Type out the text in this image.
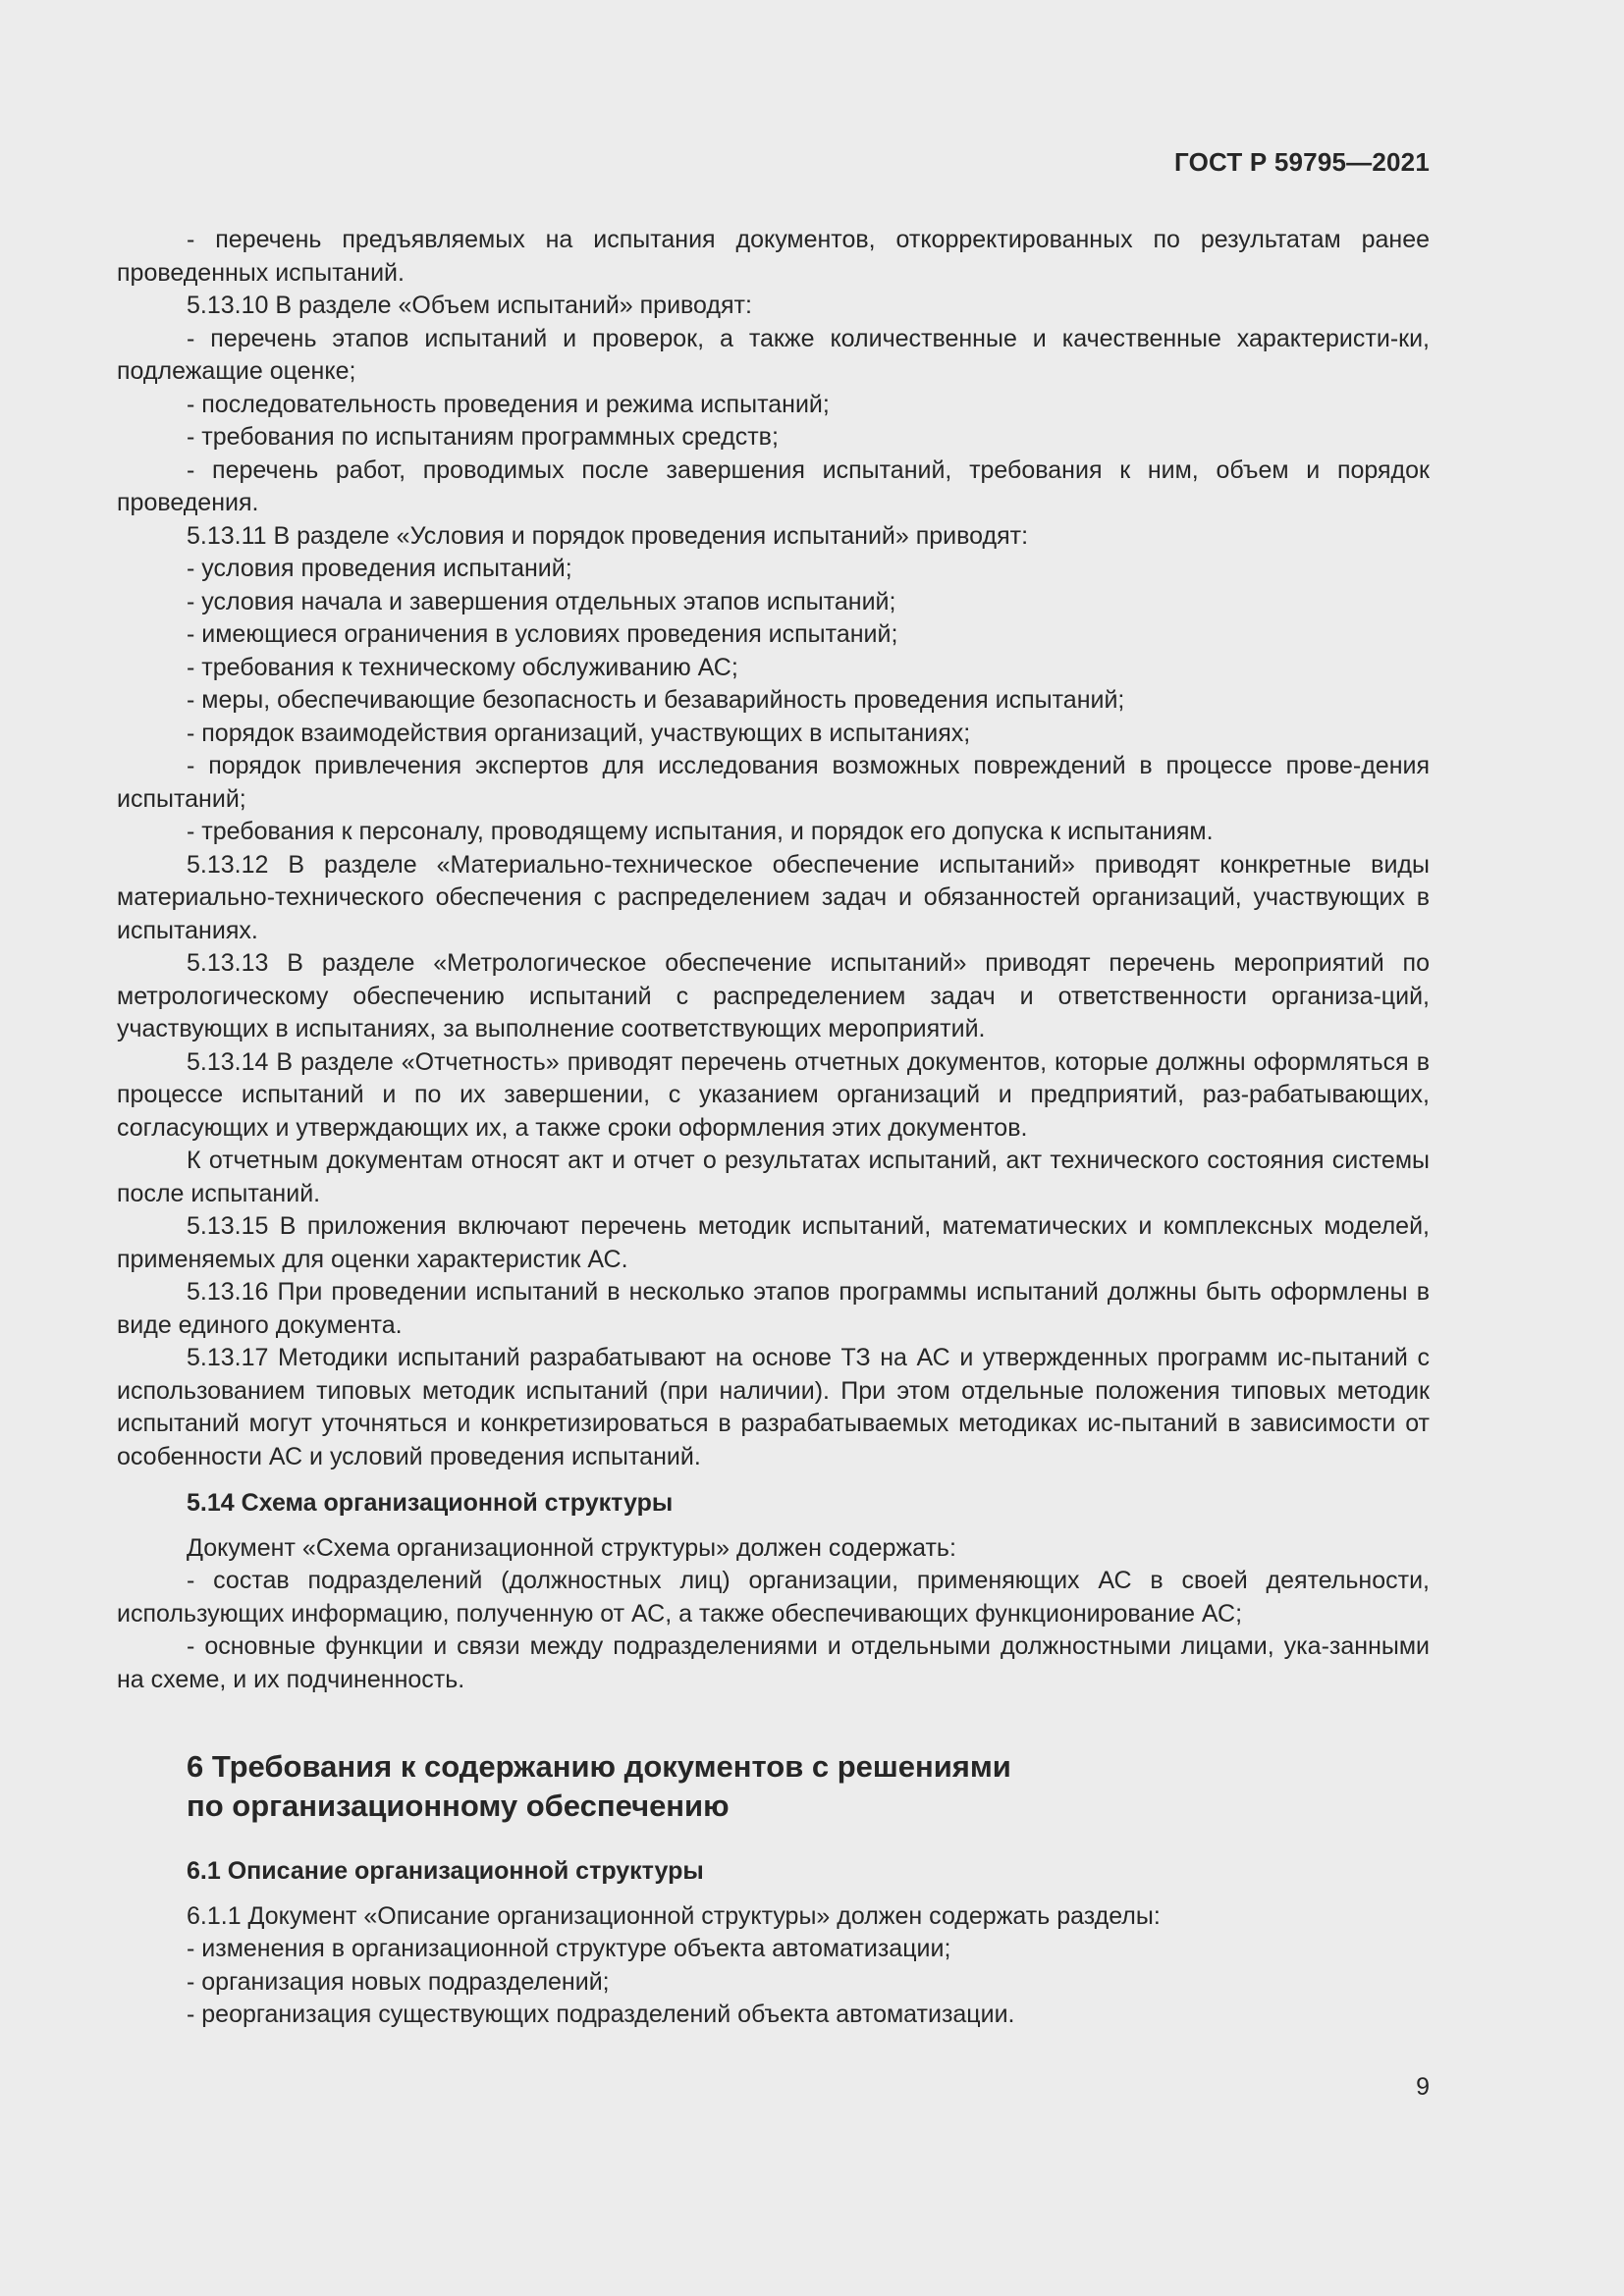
ГОСТ Р 59795—2021

- перечень предъявляемых на испытания документов, откорректированных по результатам ранее проведенных испытаний.

5.13.10 В разделе «Объем испытаний» приводят:

- перечень этапов испытаний и проверок, а также количественные и качественные характеристи-ки, подлежащие оценке;

- последовательность проведения и режима испытаний;

- требования по испытаниям программных средств;

- перечень работ, проводимых после завершения испытаний, требования к ним, объем и порядок проведения.

5.13.11 В разделе «Условия и порядок проведения испытаний» приводят:

- условия проведения испытаний;

- условия начала и завершения отдельных этапов испытаний;

- имеющиеся ограничения в условиях проведения испытаний;

- требования к техническому обслуживанию АС;

- меры, обеспечивающие безопасность и безаварийность проведения испытаний;

- порядок взаимодействия организаций, участвующих в испытаниях;

- порядок привлечения экспертов для исследования возможных повреждений в процессе прове-дения испытаний;

- требования к персоналу, проводящему испытания, и порядок его допуска к испытаниям.

5.13.12 В разделе «Материально-техническое обеспечение испытаний» приводят конкретные виды материально-технического обеспечения с распределением задач и обязанностей организаций, участвующих в испытаниях.

5.13.13 В разделе «Метрологическое обеспечение испытаний» приводят перечень мероприятий по метрологическому обеспечению испытаний с распределением задач и ответственности организа-ций, участвующих в испытаниях, за выполнение соответствующих мероприятий.

5.13.14 В разделе «Отчетность» приводят перечень отчетных документов, которые должны оформляться в процессе испытаний и по их завершении, с указанием организаций и предприятий, раз-рабатывающих, согласующих и утверждающих их, а также сроки оформления этих документов.

К отчетным документам относят акт и отчет о результатах испытаний, акт технического состояния системы после испытаний.

5.13.15 В приложения включают перечень методик испытаний, математических и комплексных моделей, применяемых для оценки характеристик АС.

5.13.16 При проведении испытаний в несколько этапов программы испытаний должны быть оформлены в виде единого документа.

5.13.17 Методики испытаний разрабатывают на основе ТЗ на АС и утвержденных программ ис-пытаний с использованием типовых методик испытаний (при наличии). При этом отдельные положения типовых методик испытаний могут уточняться и конкретизироваться в разрабатываемых методиках ис-пытаний в зависимости от особенности АС и условий проведения испытаний.

5.14 Схема организационной структуры

Документ «Схема организационной структуры» должен содержать:

- состав подразделений (должностных лиц) организации, применяющих АС в своей деятельности, использующих информацию, полученную от АС, а также обеспечивающих функционирование АС;

- основные функции и связи между подразделениями и отдельными должностными лицами, ука-занными на схеме, и их подчиненность.

6 Требования к содержанию документов с решениями
по организационному обеспечению
6.1 Описание организационной структуры

6.1.1 Документ «Описание организационной структуры» должен содержать разделы:

- изменения в организационной структуре объекта автоматизации;

- организация новых подразделений;

- реорганизация существующих подразделений объекта автоматизации.

9
